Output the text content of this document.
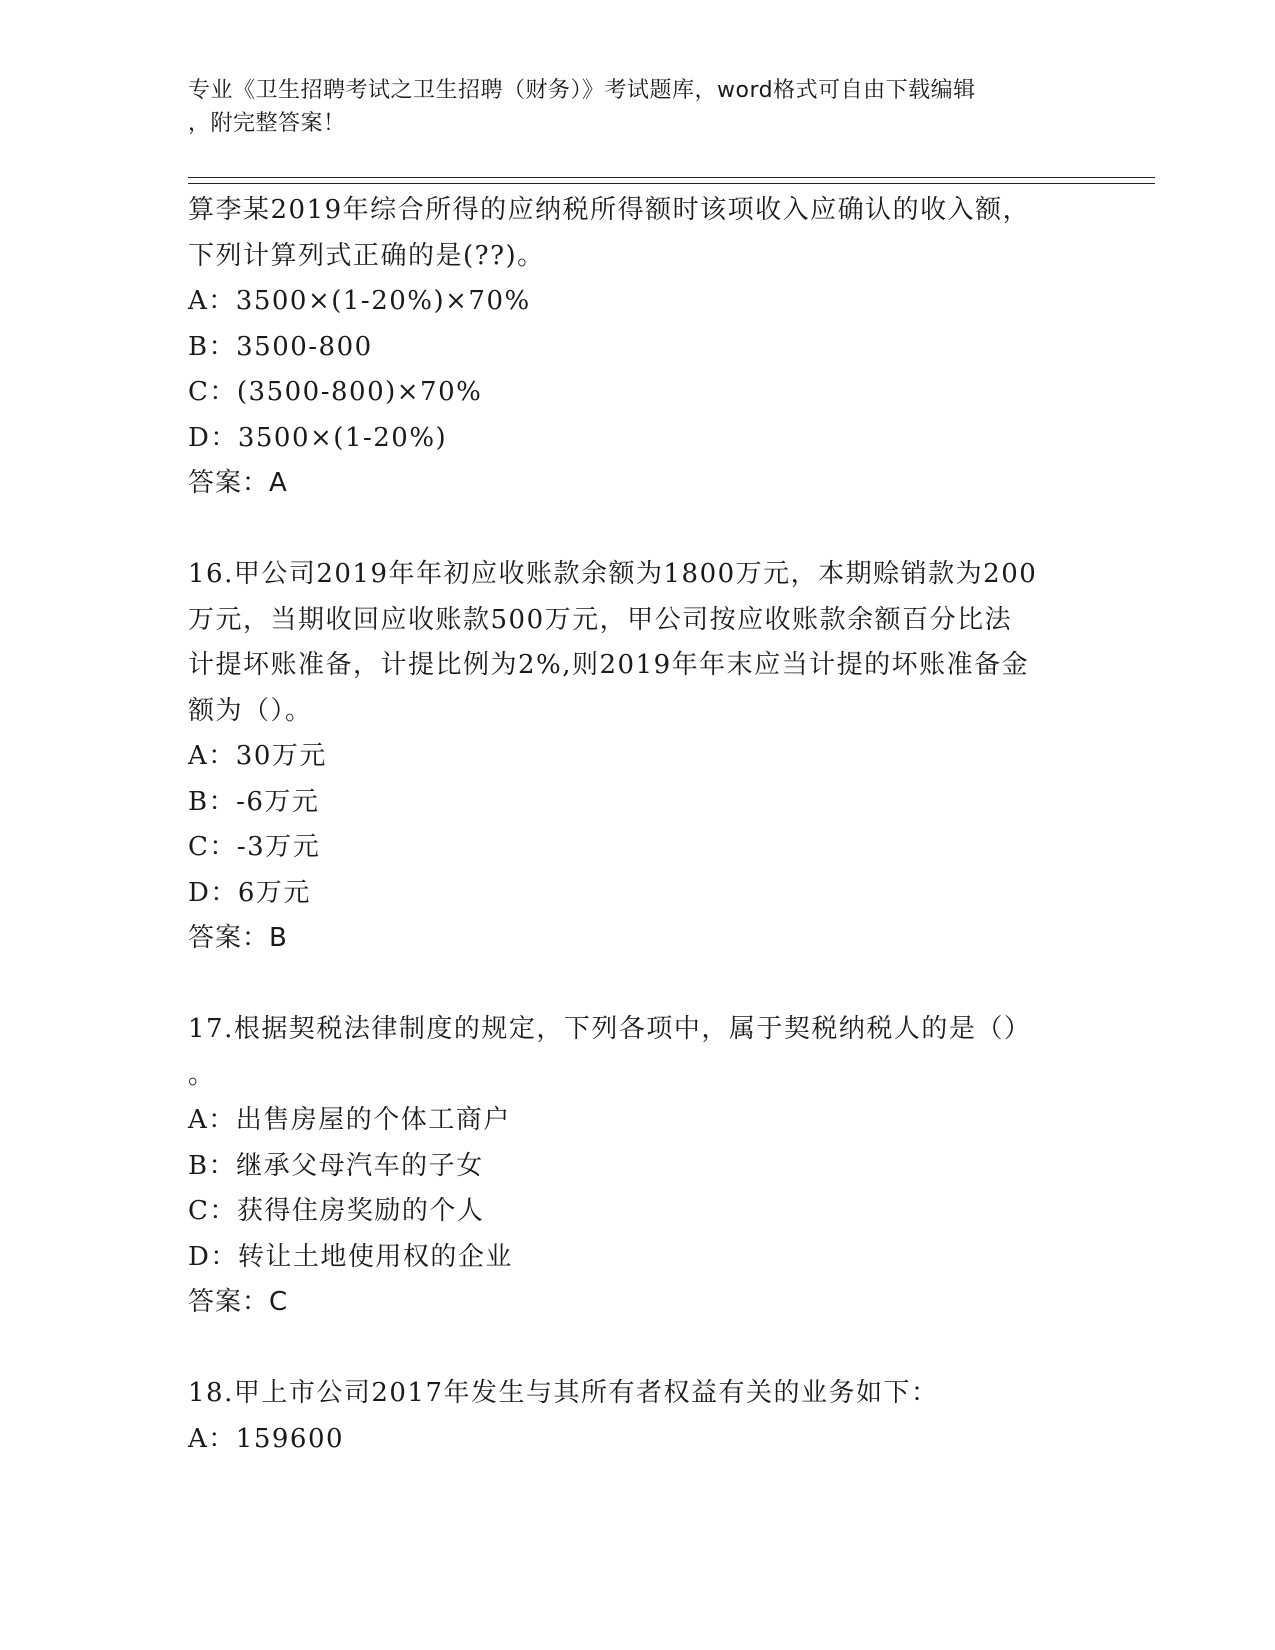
专业《卫生招聘考试之卫生招聘（财务）》考试题库，word格式可自由下载编辑
，附完整答案！
算李某2019年综合所得的应纳税所得额时该项收入应确认的收入额，
下列计算列式正确的是(??)。
A：3500×(1-20%)×70%
B：3500-800
C：(3500-800)×70%
D：3500×(1-20%)
答案：A
16.甲公司2019年年初应收账款余额为1800万元，本期赊销款为200
万元，当期收回应收账款500万元，甲公司按应收账款余额百分比法
计提坏账准备，计提比例为2%,则2019年年末应当计提的坏账准备金
额为（）。
A：30万元
B：-6万元
C：-3万元
D：6万元
答案：B
17.根据契税法律制度的规定，下列各项中，属于契税纳税人的是（）
。
A：出售房屋的个体工商户
B：继承父母汽车的子女
C：获得住房奖励的个人
D：转让土地使用权的企业
答案：C
18.甲上市公司2017年发生与其所有者权益有关的业务如下：
A：159600
